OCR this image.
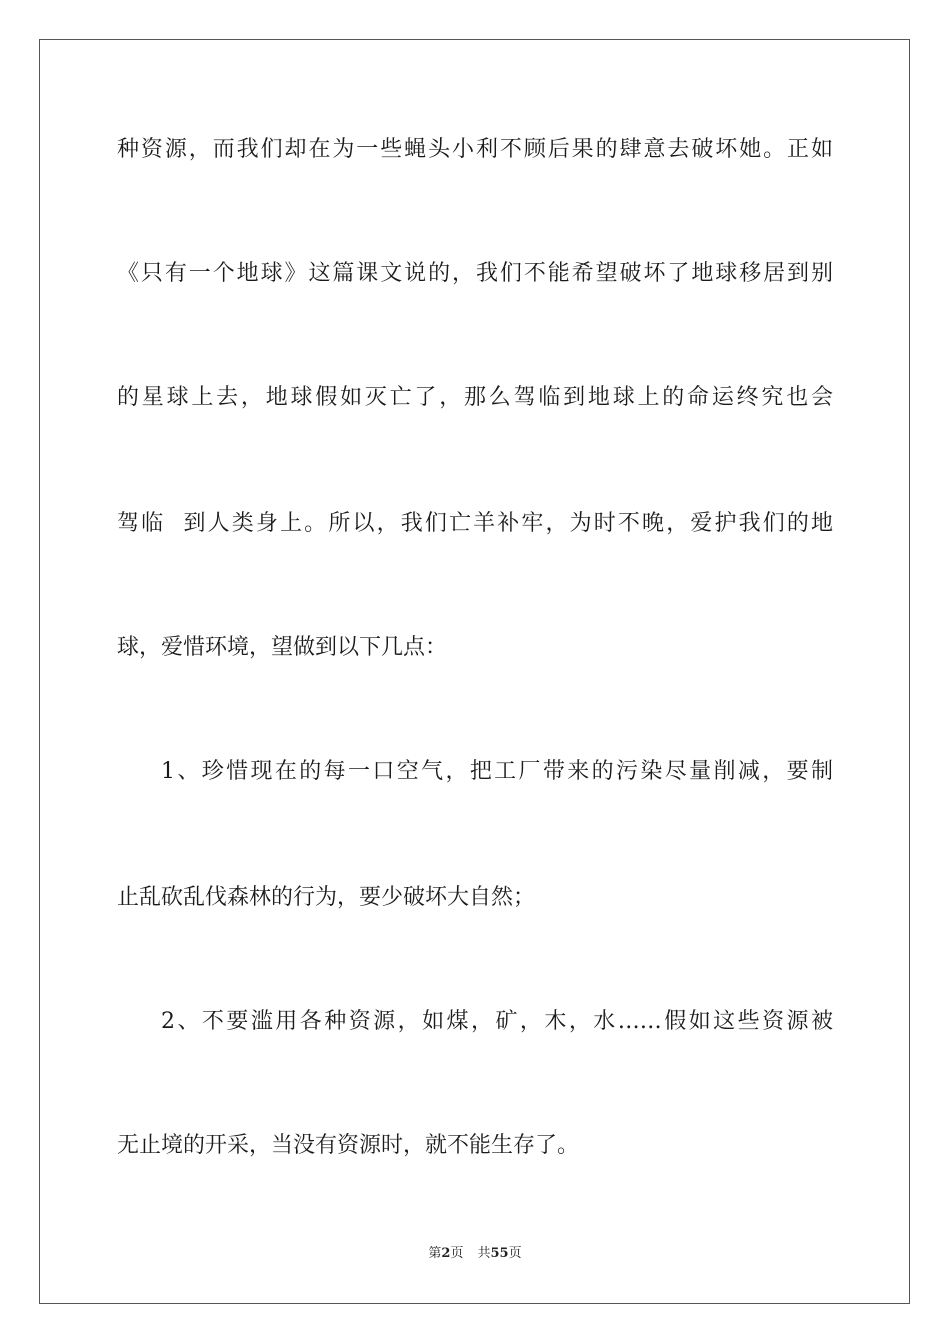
种资源，而我们却在为一些蝇头小利不顾后果的肆意去破坏她。正如
《只有一个地球》这篇课文说的，我们不能希望破坏了地球移居到别
的星球上去，地球假如灭亡了，那么驾临到地球上的命运终究也会
驾临  到人类身上。所以，我们亡羊补牢，为时不晚，爱护我们的地
球，爱惜环境，望做到以下几点：
1、珍惜现在的每一口空气，把工厂带来的污染尽量削减，要制
止乱砍乱伐森林的行为，要少破坏大自然；
2、不要滥用各种资源，如煤，矿，木，水……假如这些资源被
无止境的开采，当没有资源时，就不能生存了。
第2页 共55页
